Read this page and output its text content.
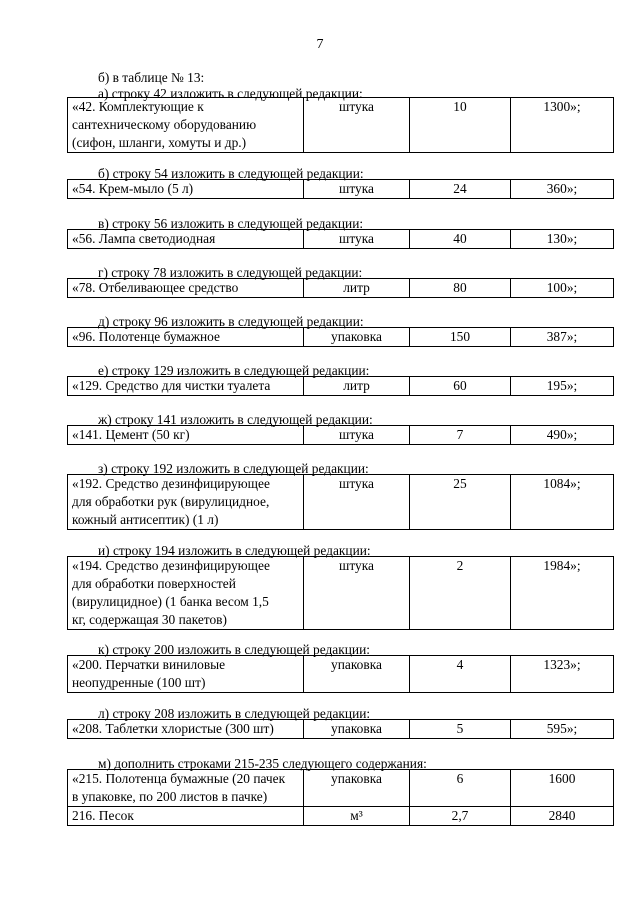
7
б) в таблице № 13:
а) строку 42 изложить в следующей редакции:
«42. Комплектующие к
сантехническому оборудованию
(сифон, шланги, хомуты и др.)
	штука	10	1300»;
б) строку 54 изложить в следующей редакции:
«54. Крем-мыло (5 л)	штука	24	360»;
в) строку 56 изложить в следующей редакции:
«56. Лампа светодиодная	штука	40	130»;
г) строку 78 изложить в следующей редакции:
«78. Отбеливающее средство	литр	80	100»;
д) строку 96 изложить в следующей редакции:
«96. Полотенце бумажное	упаковка	150	387»;
е) строку 129 изложить в следующей редакции:
«129. Средство для чистки туалета	литр	60	195»;
ж) строку 141 изложить в следующей редакции:
«141. Цемент (50 кг)	штука	7	490»;
з) строку 192 изложить в следующей редакции:
«192. Средство дезинфицирующее
для обработки рук (вирулицидное,
кожный антисептик) (1 л)
	штука	25	1084»;
и) строку 194 изложить в следующей редакции:
«194. Средство дезинфицирующее
для обработки поверхностей
(вирулицидное) (1 банка весом 1,5
кг, содержащая 30 пакетов)
	штука	2	1984»;
к) строку 200 изложить в следующей редакции:
«200. Перчатки виниловые
неопудренные (100 шт)
	упаковка	4	1323»;
л) строку 208 изложить в следующей редакции:
«208. Таблетки хлористые (300 шт)	упаковка	5	595»;
м) дополнить строками 215-235 следующего содержания:
«215. Полотенца бумажные (20 пачек
в упаковке, по 200 листов в пачке)	упаковка	6	1600

216. Песок	м³	2,7	2840
